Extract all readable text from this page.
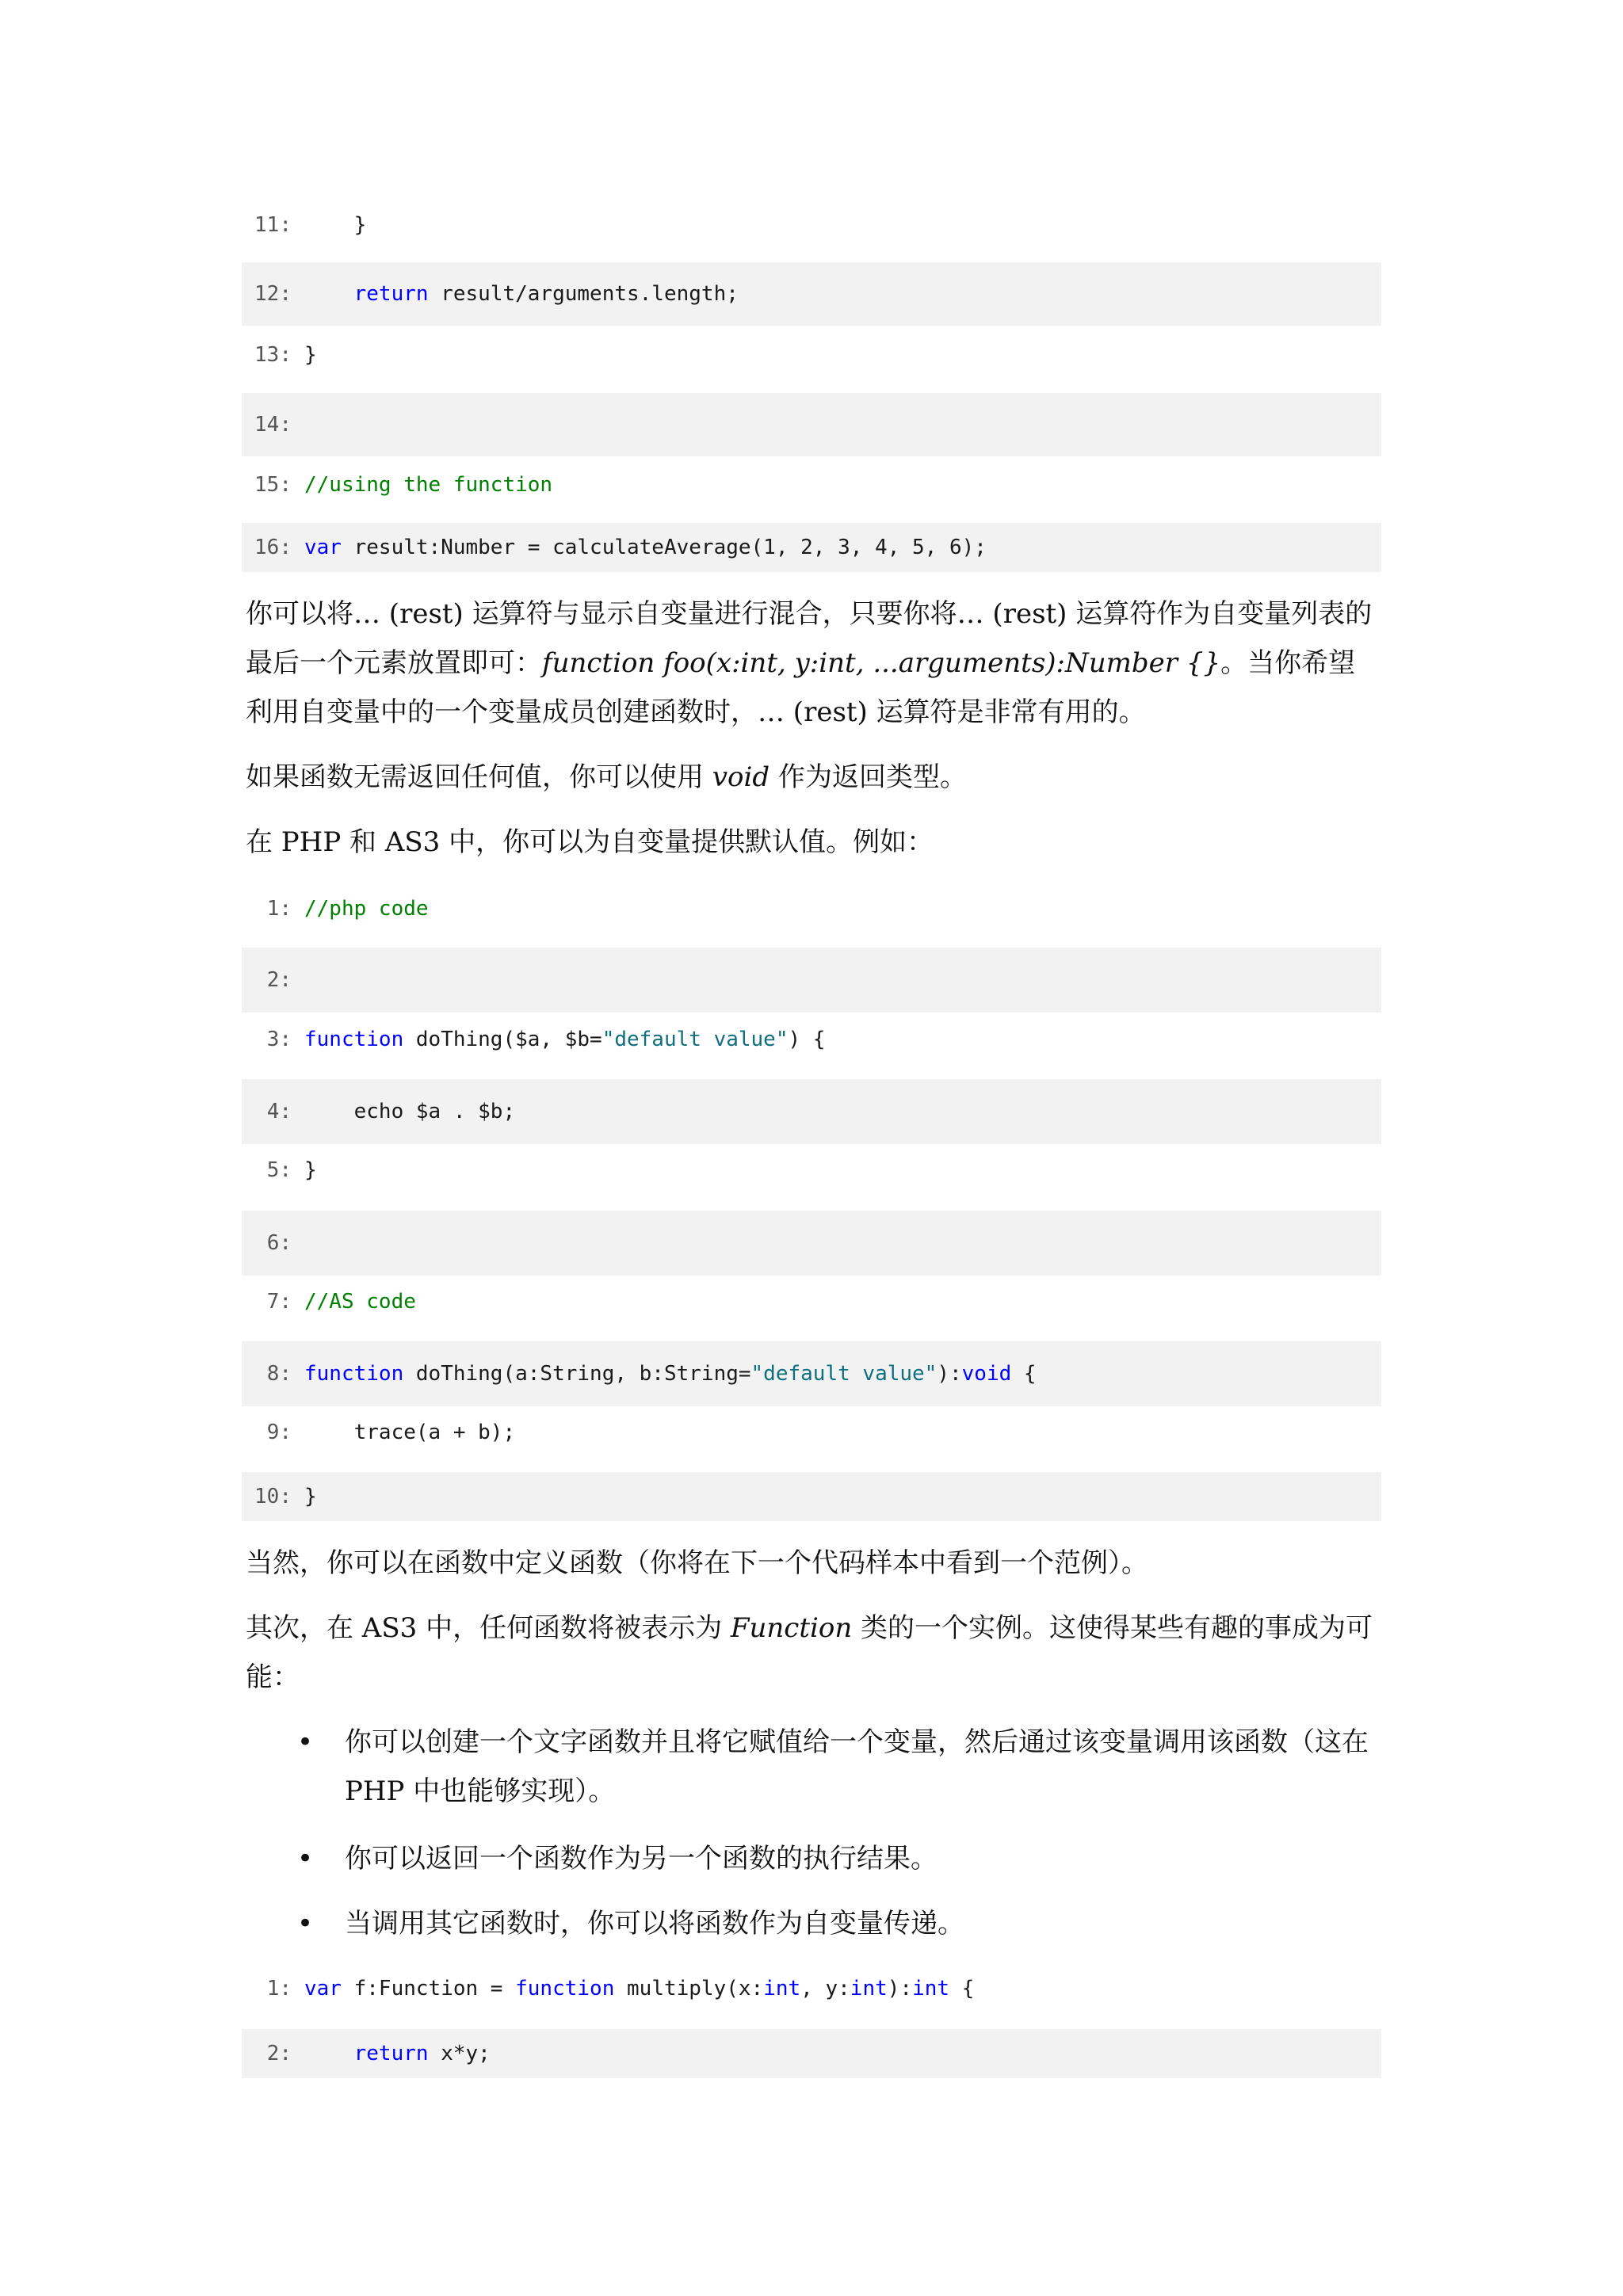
11: }
12:	return result/arguments.length;
13: }
14:
15: //using the function
16: var result:Number = calculateAverage(1, 2, 3, 4, 5, 6);

你可以将… (rest) 运算符与显示自变量进行混合，只要你将… (rest) 运算符作为自变量列表的最后一个元素放置即可：function foo(x:int, y:int, ...arguments):Number {}。当你希望利用自变量中的一个变量成员创建函数时，… (rest) 运算符是非常有用的。

如果函数无需返回任何值，你可以使用 void 作为返回类型。

在 PHP 和 AS3 中，你可以为自变量提供默认值。例如：

1: //php code
2:
3: function doThing($a, $b="default value") {
4: echo $a . $b;
5: }
6:
7: //AS code
8: function doThing(a:String, b:String="default value"):void {
9: trace(a + b);
10: }

当然，你可以在函数中定义函数（你将在下一个代码样本中看到一个范例）。

其次，在 AS3 中，任何函数将被表示为 Function 类的一个实例。这使得某些有趣的事成为可能：

• 你可以创建一个文字函数并且将它赋值给一个变量，然后通过该变量调用该函数（这在 PHP 中也能够实现）。
• 你可以返回一个函数作为另一个函数的执行结果。
• 当调用其它函数时，你可以将函数作为自变量传递。
1: var f:Function = function multiply(x:int, y:int):int {
2:	return x*y;
